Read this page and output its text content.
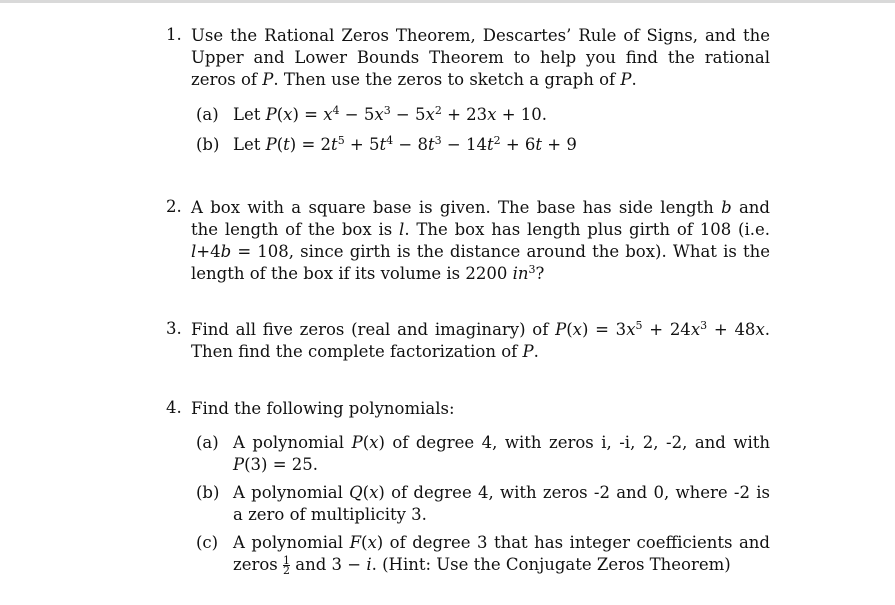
1. Use the Rational Zeros Theorem, Descartes’ Rule of Signs, and the Upper and Lower Bounds Theorem to help you find the rational zeros of P. Then use the zeros to sketch a graph of P.
(a) Let $P(x) = x^4 - 5x^3 - 5x^2 + 23x + 10$.
(b) Let $P(t) = 2t^5 + 5t^4 - 8t^3 - 14t^2 + 6t + 9$
2. A box with a square base is given. The base has side length b and the length of the box is l. The box has length plus girth of 108 (i.e. l+4b = 108, since girth is the distance around the box). What is the length of the box if its volume is 2200 $in^3$?
3. Find all five zeros (real and imaginary) of $P(x) = 3x^5 + 24x^3 + 48x$. Then find the complete factorization of P.
4. Find the following polynomials:
(a) A polynomial P(x) of degree 4, with zeros i, -i, 2, -2, and with P(3) = 25.
(b) A polynomial Q(x) of degree 4, with zeros -2 and 0, where -2 is a zero of multiplicity 3.
(c) A polynomial F(x) of degree 3 that has integer coefficients and zeros $\frac{1}{2}$ and 3 − i. (Hint: Use the Conjugate Zeros Theorem)
